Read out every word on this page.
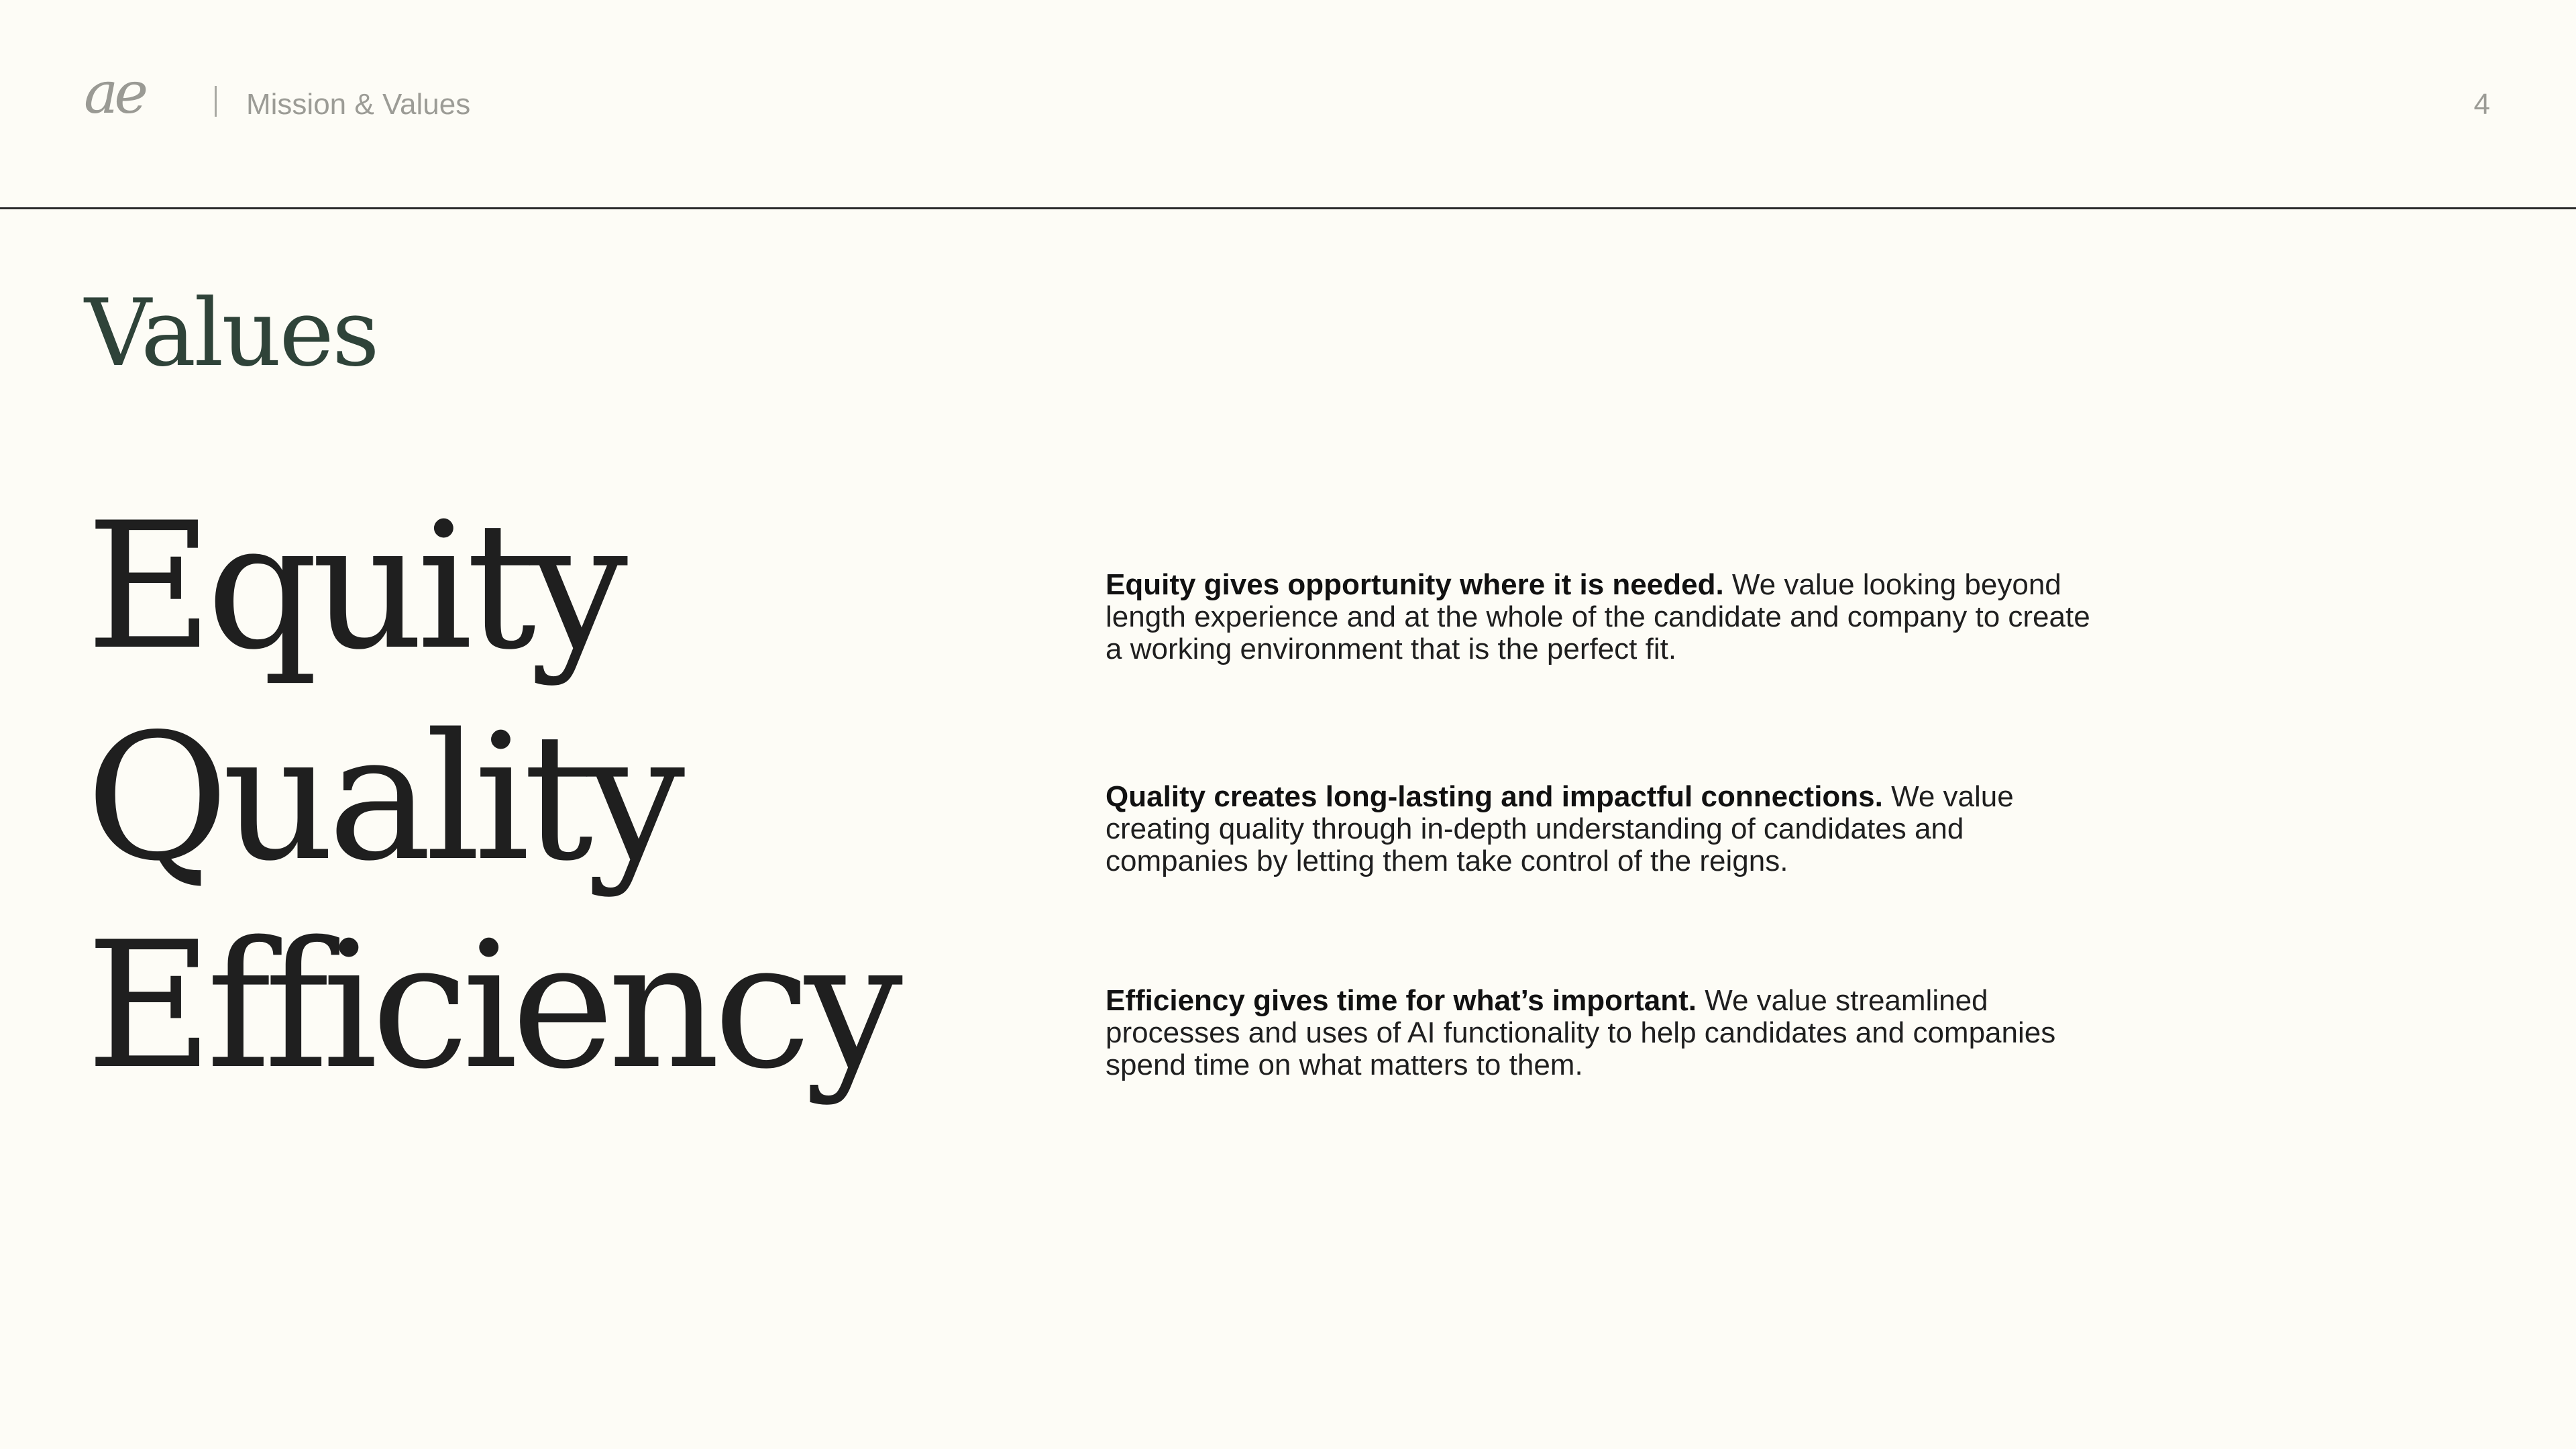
ae	Mission & Values	4
Values
Equity
Quality
Efficiency
Equity gives opportunity where it is needed. We value looking beyond length experience and at the whole of the candidate and company to create a working environment that is the perfect fit.
Quality creates long-lasting and impactful connections. We value creating quality through in-depth understanding of candidates and companies by letting them take control of the reigns.
Efficiency gives time for what’s important. We value streamlined processes and uses of AI functionality to help candidates and companies spend time on what matters to them.
